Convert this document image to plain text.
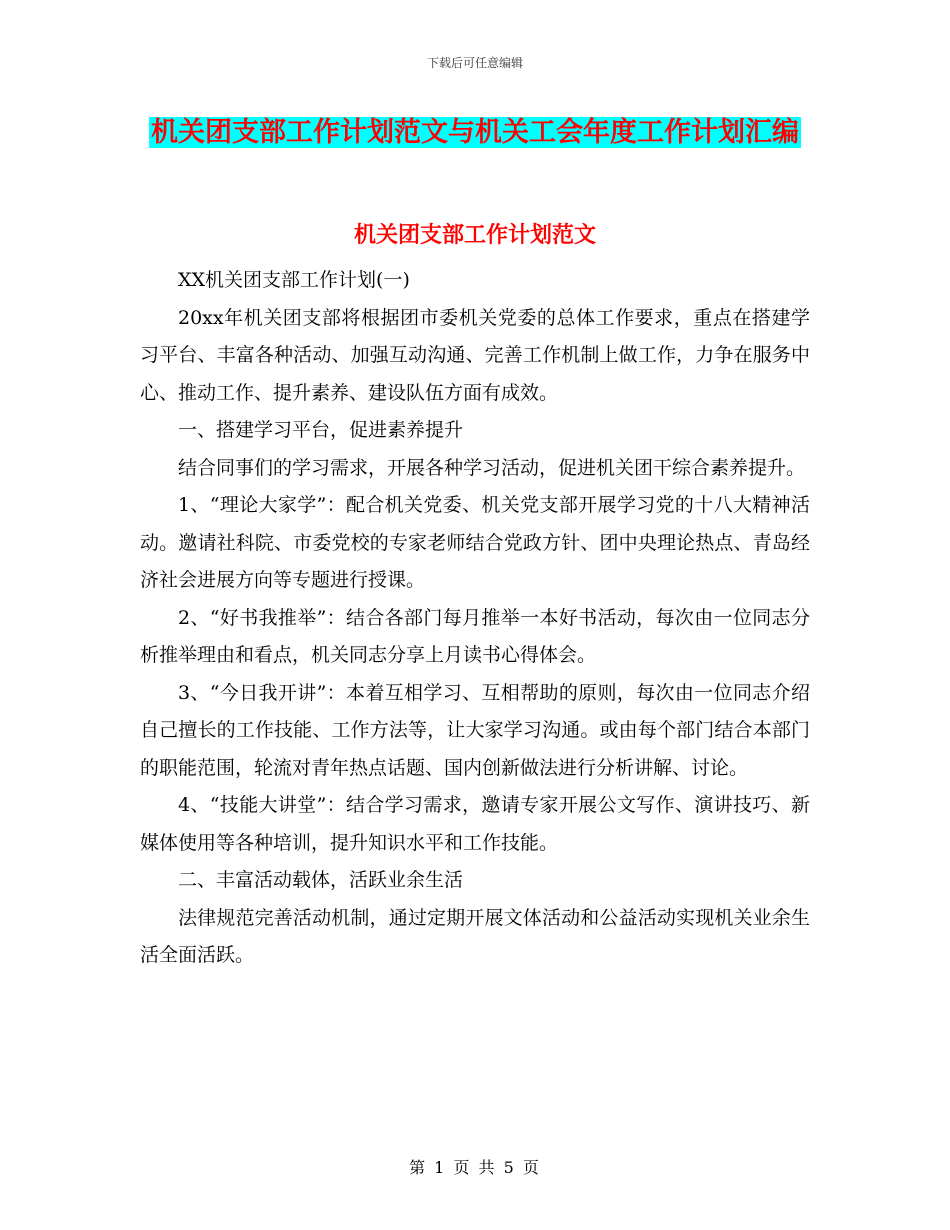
下载后可任意编辑
机关团支部工作计划范文与机关工会年度工作计划汇编
机关团支部工作计划范文

XX机关团支部工作计划(一)

20xx年机关团支部将根据团市委机关党委的总体工作要求，重点在搭建学习平台、丰富各种活动、加强互动沟通、完善工作机制上做工作，力争在服务中心、推动工作、提升素养、建设队伍方面有成效。

一、搭建学习平台，促进素养提升

结合同事们的学习需求，开展各种学习活动，促进机关团干综合素养提升。

1、“理论大家学”：配合机关党委、机关党支部开展学习党的十八大精神活动。邀请社科院、市委党校的专家老师结合党政方针、团中央理论热点、青岛经济社会进展方向等专题进行授课。

2、“好书我推举”：结合各部门每月推举一本好书活动，每次由一位同志分析推举理由和看点，机关同志分享上月读书心得体会。

3、“今日我开讲”：本着互相学习、互相帮助的原则，每次由一位同志介绍自己擅长的工作技能、工作方法等，让大家学习沟通。或由每个部门结合本部门的职能范围，轮流对青年热点话题、国内创新做法进行分析讲解、讨论。

4、“技能大讲堂”：结合学习需求，邀请专家开展公文写作、演讲技巧、新媒体使用等各种培训，提升知识水平和工作技能。

二、丰富活动载体，活跃业余生活

法律规范完善活动机制，通过定期开展文体活动和公益活动实现机关业余生活全面活跃。

第 1 页 共 5 页
